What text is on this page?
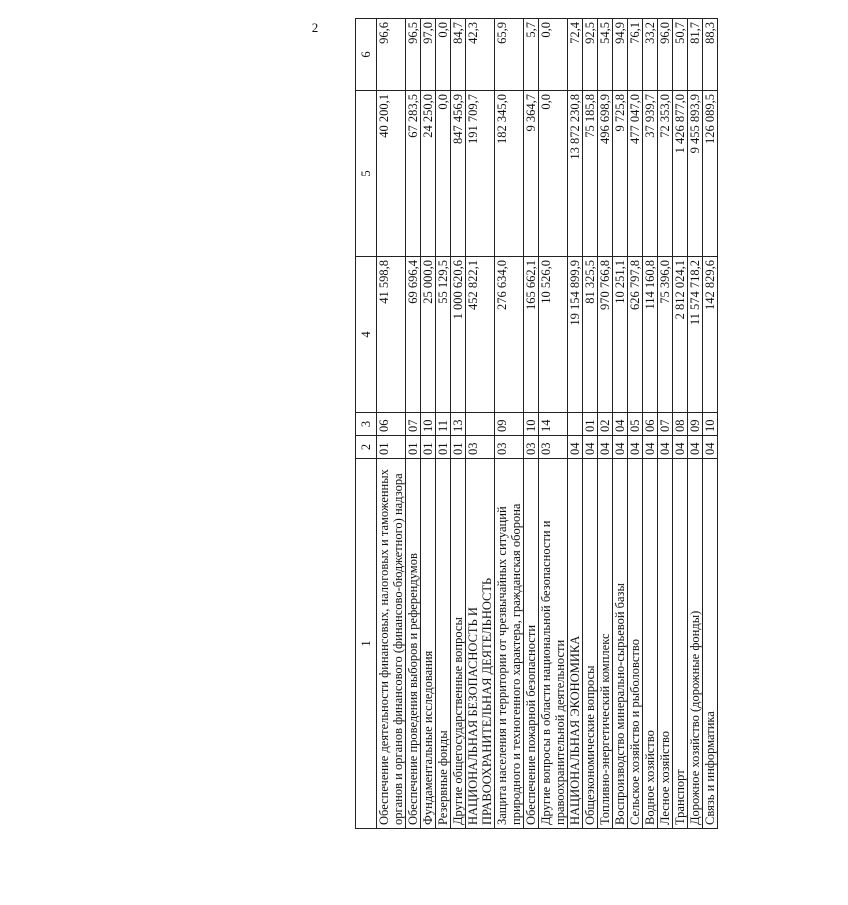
2
1	2	3	4	5	6
Обеспечение деятельности финансовых, налоговых и таможенных органов и органов финансового (финансово-бюджетного) надзора	01	06	41 598,8	40 200,1	96,6
Обеспечение проведения выборов и референдумов	01	07	69 696,4	67 283,5	96,5
Фундаментальные исследования	01	10	25 000,0	24 250,0	97,0
Резервные фонды	01	11	55 129,5	0,0	0,0
Другие общегосударственные вопросы	01	13	1 000 620,6	847 456,9	84,7
НАЦИОНАЛЬНАЯ БЕЗОПАСНОСТЬ И ПРАВООХРАНИТЕЛЬНАЯ ДЕЯТЕЛЬНОСТЬ	03		452 822,1	191 709,7	42,3
Защита населения и территории от чрезвычайных ситуаций природного и техногенного характера, гражданская оборона	03	09	276 634,0	182 345,0	65,9
Обеспечение пожарной безопасности	03	10	165 662,1	9 364,7	5,7
Другие вопросы в области национальной безопасности и правоохранительной деятельности	03	14	10 526,0	0,0	0,0
НАЦИОНАЛЬНАЯ ЭКОНОМИКА	04		19 154 899,9	13 872 230,8	72,4
Общеэкономические вопросы	04	01	81 325,5	75 185,8	92,5
Топливно-энергетический комплекс	04	02	970 766,8	496 698,9	54,5
Воспроизводство минерально-сырьевой базы	04	04	10 251,1	9 725,8	94,9
Сельское хозяйство и рыболовство	04	05	626 797,8	477 047,0	76,1
Водное хозяйство	04	06	114 160,8	37 939,7	33,2
Лесное хозяйство	04	07	75 396,0	72 353,0	96,0
Транспорт	04	08	2 812 024,1	1 426 877,0	50,7
Дорожное хозяйство (дорожные фонды)	04	09	11 574 718,2	9 455 893,9	81,7
Связь и информатика	04	10	142 829,6	126 089,5	88,3
